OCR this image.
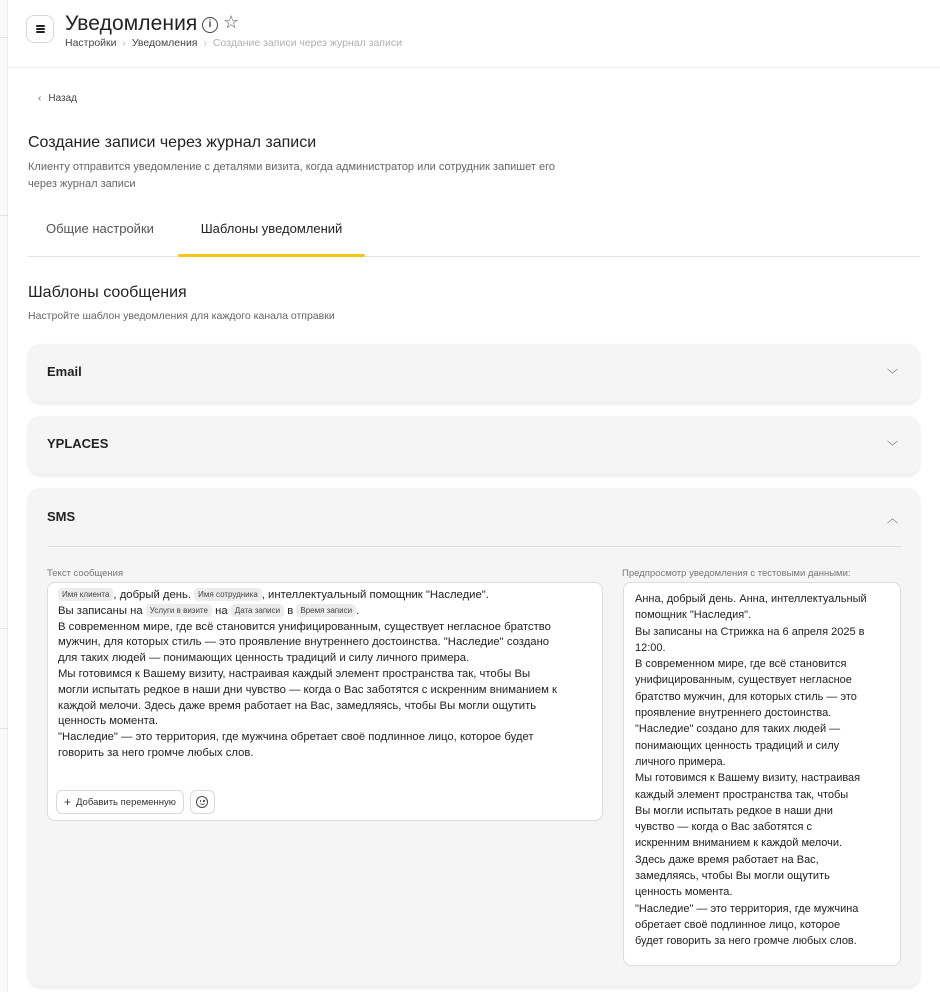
Уведомления	i ☆
Настройки › Уведомления › Создание записи через журнал записи
‹ Назад
Создание записи через журнал записи
Клиенту отправится уведомление с деталями визита, когда администратор или сотрудник запишет его
через журнал записи
Общие настройки	Шаблоны уведомлений
Шаблоны сообщения
Настройте шаблон уведомления для каждого канала отправки
Email	﹀
YPLACES	﹀
SMS	︿
Текст сообщения	Предпросмотр уведомления с тестовыми данными:
Имя клиента , добрый день. Имя сотрудника , интеллектуальный помощник "Наследие".
Вы записаны на Услуги в визите на Дата записи в Время записи .
В современном мире, где всё становится унифицированным, существует негласное братство
мужчин, для которых стиль — это проявление внутреннего достоинства. "Наследие" создано
для таких людей — понимающих ценность традиций и силу личного примера.
Мы готовимся к Вашему визиту, настраивая каждый элемент пространства так, чтобы Вы
могли испытать редкое в наши дни чувство — когда о Вас заботятся с искренним вниманием к
каждой мелочи. Здесь даже время работает на Вас, замедляясь, чтобы Вы могли ощутить
ценность момента.
"Наследие" — это территория, где мужчина обретает своё подлинное лицо, которое будет
говорить за него громче любых слов.
+ Добавить переменную
Анна, добрый день. Анна, интеллектуальный
помощник "Наследия".
Вы записаны на Стрижка на 6 апреля 2025 в
12:00.
В современном мире, где всё становится
унифицированным, существует негласное
братство мужчин, для которых стиль — это
проявление внутреннего достоинства.
"Наследие" создано для таких людей —
понимающих ценность традиций и силу
личного примера.
Мы готовимся к Вашему визиту, настраивая
каждый элемент пространства так, чтобы
Вы могли испытать редкое в наши дни
чувство — когда о Вас заботятся с
искренним вниманием к каждой мелочи.
Здесь даже время работает на Вас,
замедляясь, чтобы Вы могли ощутить
ценность момента.
"Наследие" — это территория, где мужчина
обретает своё подлинное лицо, которое
будет говорить за него громче любых слов.
